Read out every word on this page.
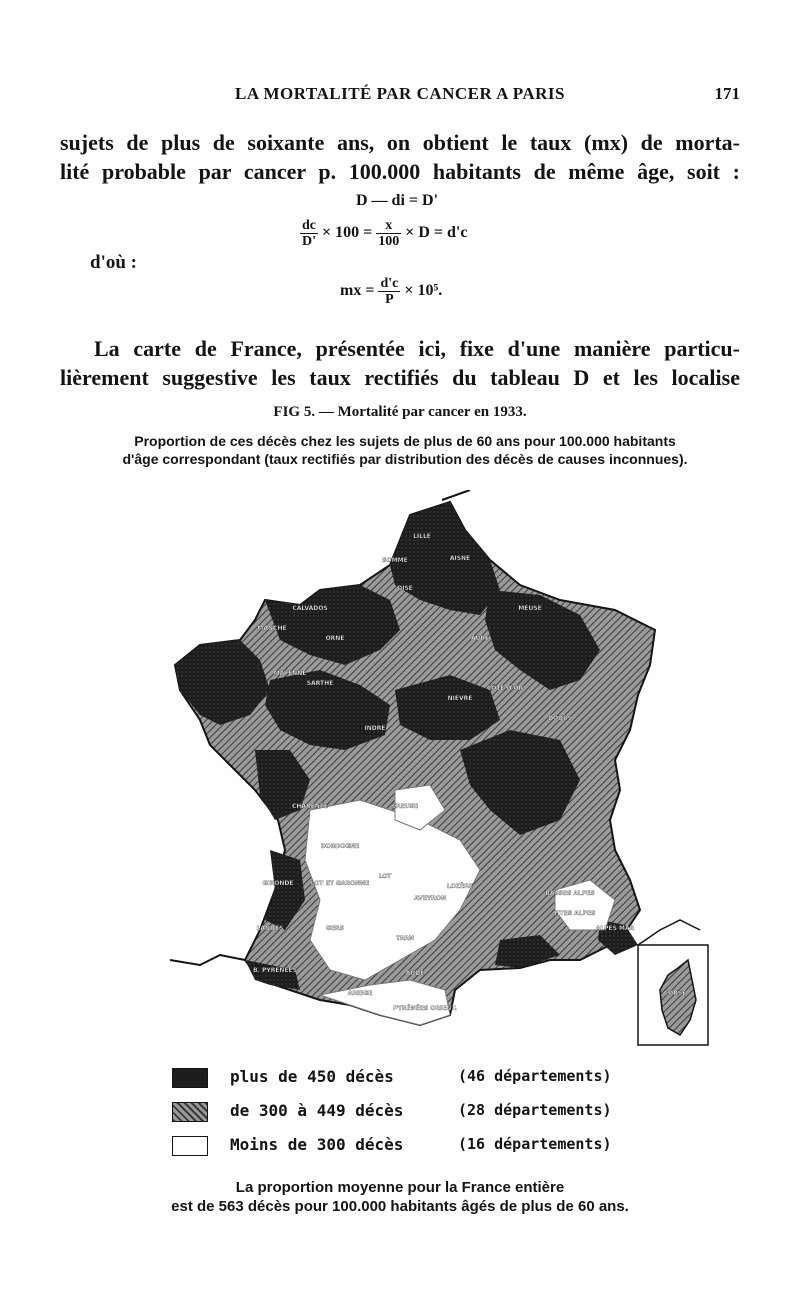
LA MORTALITÉ PAR CANCER A PARIS	171
sujets de plus de soixante ans, on obtient le taux (mx) de morta-
lité probable par cancer p. 100.000 habitants de même âge, soit :
D — di = D'
$\frac{dc}{D'} \times 100 = \frac{x}{100} \times D = d'c$
d'où :
mx = $\frac{d'c}{P} \times 10^5$.
La carte de France, présentée ici, fixe d'une manière particu-
lièrement suggestive les taux rectifiés du tableau D et les localise
FIG 5. — Mortalité par cancer en 1933.
Proportion de ces décès chez les sujets de plus de 60 ans pour 100.000 habitants
d'âge correspondant (taux rectifiés par distribution des décès de causes inconnues).
LILLE
CALVADOS
MANCHE
ORNE
SARTHE
MAYENNE
INDRE
CREUSE
CHARENTE
DORDOGNE
LOT ET GARONNE
LOT
AVEYRON
LOZÈRE
GERS
TARN
AUDE
ARIEGE
PYRÉNÉES ORIENT.
BASSES ALPES
HTES ALPES
ALPES MAR
CORSE
GIRONDE
LANDES
B. PYRÉNÉES
DOUBS
MEUSE
NIÈVRE
CÔTE D'OR
AUBE
AISNE
SOMME
OISE
plus de 450 décès	(46 départements)
de 300 à 449 décès	(28 départements)
Moins de 300 décès	(16 départements)
La proportion moyenne pour la France entière
est de 563 décès pour 100.000 habitants âgés de plus de 60 ans.
